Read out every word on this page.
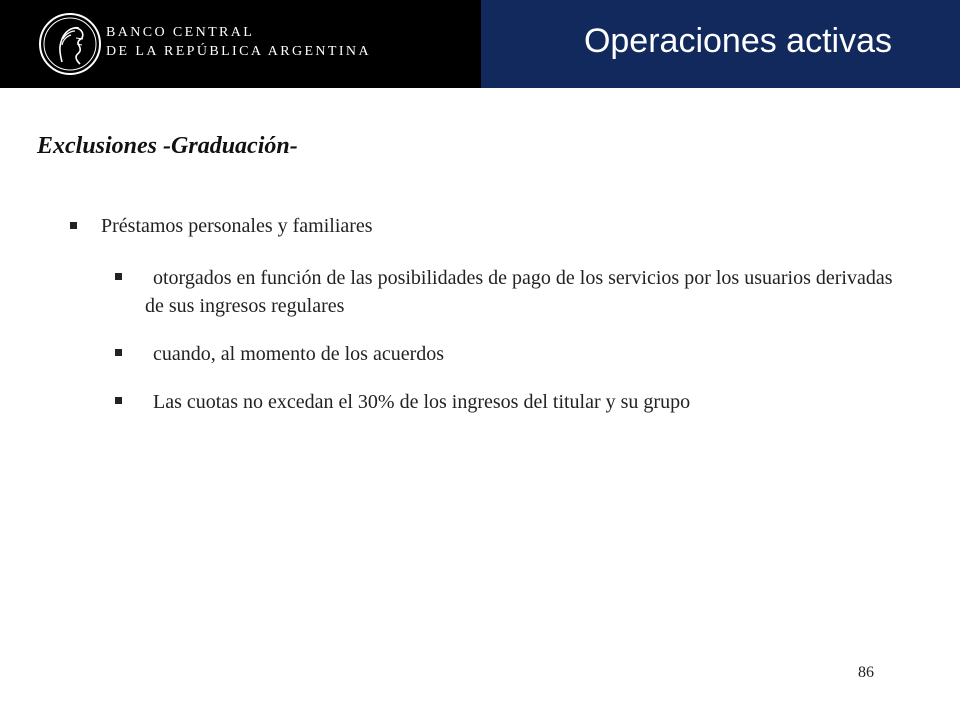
BANCO CENTRAL
DE LA REPÚBLICA ARGENTINA	Operaciones activas
Exclusiones -Graduación-
Préstamos personales y familiares
otorgados en función de las posibilidades de pago de los servicios por los usuarios derivadas de sus ingresos regulares
cuando, al momento de los acuerdos
Las cuotas no excedan el 30% de los ingresos del titular y su grupo
86
